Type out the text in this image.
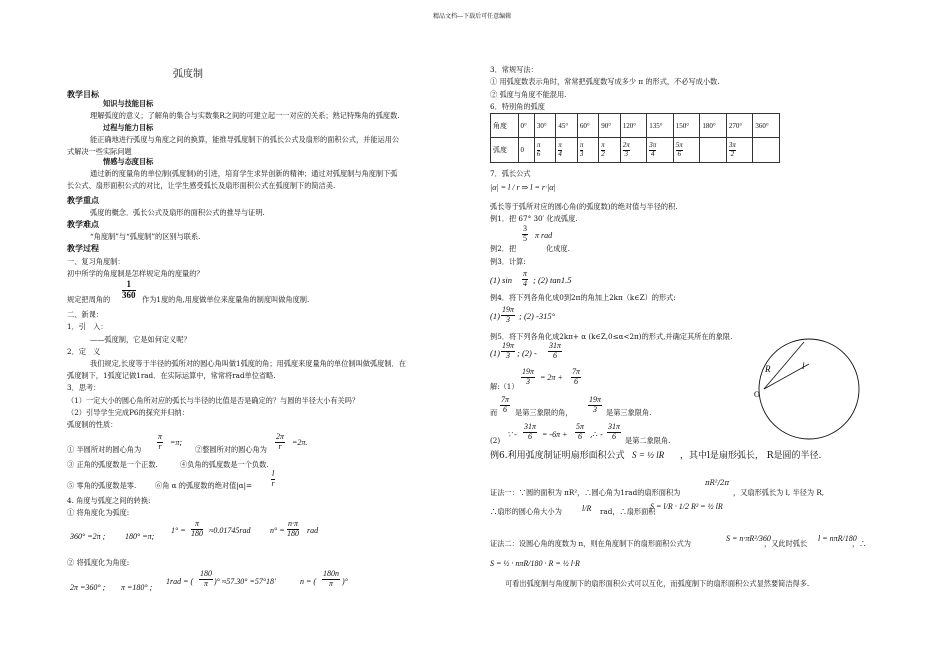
精品文档---下载后可任意编辑
弧度制
教学目标
知识与技能目标
理解弧度的意义；了解角的集合与实数集R之间的可建立起一一对应的关系；熟记特殊角的弧度数.
过程与能力目标
能正确地进行弧度与角度之间的换算，能推导弧度制下的弧长公式及扇形的面积公式，并能运用公
式解决一些实际问题
情感与态度目标
通过新的度量角的单位制(弧度制)的引进，培育学生求异创新的精神；通过对弧度制与角度制下弧
长公式、扇形面积公式的对比，让学生感受弧长及扇形面积公式在弧度制下的简洁美.
教学重点
弧度的概念．弧长公式及扇形的面积公式的推导与证明.
教学难点
“角度制”与“弧度制”的区别与联系.
教学过程
一、复习角度制：
初中所学的角度制是怎样规定角的度量的？
$\frac{1}{360}$
规定把周角的	作为1度的角,用度做单位来度量角的制度叫做角度制.
二、新课：
1．引　入：
——弧度制，它是如何定义呢？
2．定　义
我们规定,长度等于半径的弧所对的圆心角叫做1弧度的角；用弧度来度量角的单位制叫做弧度制．在
弧度制下，1弧度记做1rad．在实际运算中，常常将rad单位省略.
3．思考：
（1）一定大小的圆心角所对应的弧长与半径的比值是否是确定的？与圆的半径大小有关吗？
（2）引导学生完成P6的探究并归纳：
弧度制的性质：
① 半圆所对的圆心角为 $\frac{\pi}{r} =\pi$;
②整圆所对的圆心角为 $\frac{2\pi}{r} =2\pi$.
③ 正角的弧度数是一个正数.	④负角的弧度数是一个负数.
⑤ 零角的弧度数是零.	⑥角 α 的弧度数的绝对值$|\alpha|= \frac{l}{r}$
4. 角度与弧度之间的转换:
① 将角度化为弧度:
360° =2π ; 180° =π;
$1^\circ = \frac{\pi}{180} \approx 0.01745rad$ $n^\circ = \frac{n\cdot\pi}{180}$ rad
② 将弧度化为角度:
2π =360° ; π =180° ;
1rad = ( $\frac{180}{\pi}$ )° ≈57.30° =57°18′	n = ( $\frac{180n}{\pi}$ )°
3．常规写法：
① 用弧度数表示角时，常常把弧度数写成多少 π 的形式，不必写成小数.
② 弧度与角度不能混用.
6．特别角的弧度
角度	0°	30°	45°	60°	90°	120°	135°	150°	180°	270°	360°
弧度	0	$\frac{\pi}{6}$	$\frac{\pi}{4}$	$\frac{\pi}{3}$	$\frac{\pi}{2}$	$\frac{2\pi}{3}$	$\frac{3\pi}{4}$	$\frac{5\pi}{6}$		$\frac{3\pi}{2}$

7．弧长公式
|α| = l / r ⇒ l = r·|α|
弧长等于弧所对应的圆心角(的弧度数)的绝对值与半径的积.
例1．把 67° 30′ 化成弧度.
$\frac{3}{5}$ π rad
例2．把	化成度.
例3．计算:
(1) $\sin \frac{\pi}{4}$ ; (2) tan1.5
例4．将下列各角化成0到2π的角加上2kπ（k∈Z）的形式:
$(1) \frac{19\pi}{3}$ ; (2) -315°
例5．将下列各角化成2kπ+ α (k∈Z,0≤α<2π)的形式,并确定其所在的象限.
$(1) \frac{19\pi}{3}$ ; $(2) - \frac{31\pi}{6}$
解:（1） $\frac{19\pi}{3} = 2\pi + \frac{7\pi}{6}$
而 $\frac{7\pi}{6}$ 是第三象限的角， $\frac{19\pi}{3}$ 是第三象限角.
(2)
∵ - $\frac{31\pi}{6} = -6\pi + \frac{5\pi}{6}$ ,∴ - $\frac{31\pi}{6}$ 是第二象限角.
R	l
O
例6.利用弧度制证明扇形面积公式 S = ½ lR ，其中l是扇形弧长， R是圆的半径.
证法一：∵圆的面积为 πR²，∴圆心角为1rad的扇形面积为
πR²/2π
，又扇形弧长为 l, 半径为 R,
∴扇形的圆心角大小为	l/R rad，∴扇形面积
S = l/R · 1/2 R² = ½ lR
证法二：设圆心角的度数为 n，则在角度制下的扇形面积公式为
S = n·πR²/360
，又此时弧长
l = nπR/180
，∴
S = ½ · nπR/180 · R = ½ l·R
可看出弧度制与角度制下的扇形面积公式可以互化，而弧度制下的扇形面积公式显然要简洁得多.
